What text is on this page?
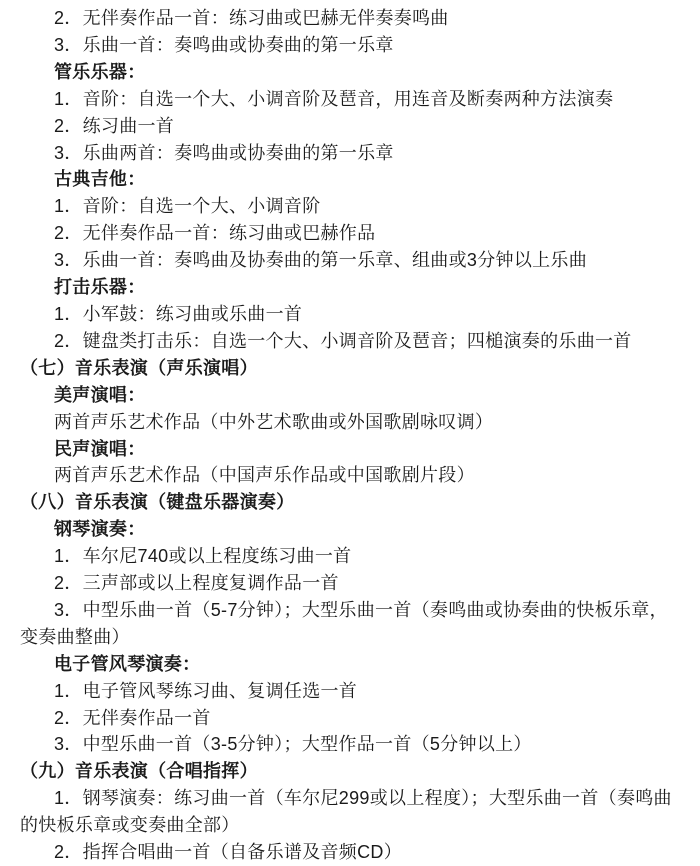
2．无伴奏作品一首：练习曲或巴赫无伴奏奏鸣曲

3．乐曲一首：奏鸣曲或协奏曲的第一乐章

管乐乐器：

1．音阶：自选一个大、小调音阶及琶音，用连音及断奏两种方法演奏

2．练习曲一首

3．乐曲两首：奏鸣曲或协奏曲的第一乐章

古典吉他：

1．音阶：自选一个大、小调音阶

2．无伴奏作品一首：练习曲或巴赫作品

3．乐曲一首：奏鸣曲及协奏曲的第一乐章、组曲或3分钟以上乐曲

打击乐器：

1．小军鼓：练习曲或乐曲一首

2．键盘类打击乐：自选一个大、小调音阶及琶音；四槌演奏的乐曲一首

（七）音乐表演（声乐演唱）

美声演唱：

两首声乐艺术作品（中外艺术歌曲或外国歌剧咏叹调）

民声演唱：

两首声乐艺术作品（中国声乐作品或中国歌剧片段）

（八）音乐表演（键盘乐器演奏）

钢琴演奏：

1．车尔尼740或以上程度练习曲一首

2．三声部或以上程度复调作品一首

3．中型乐曲一首（5-7分钟）；大型乐曲一首（奏鸣曲或协奏曲的快板乐章，变奏曲整曲）

电子管风琴演奏：

1．电子管风琴练习曲、复调任选一首

2．无伴奏作品一首

3．中型乐曲一首（3-5分钟）；大型作品一首（5分钟以上）

（九）音乐表演（合唱指挥）

1．钢琴演奏：练习曲一首（车尔尼299或以上程度）；大型乐曲一首（奏鸣曲的快板乐章或变奏曲全部）

2．指挥合唱曲一首（自备乐谱及音频CD）
